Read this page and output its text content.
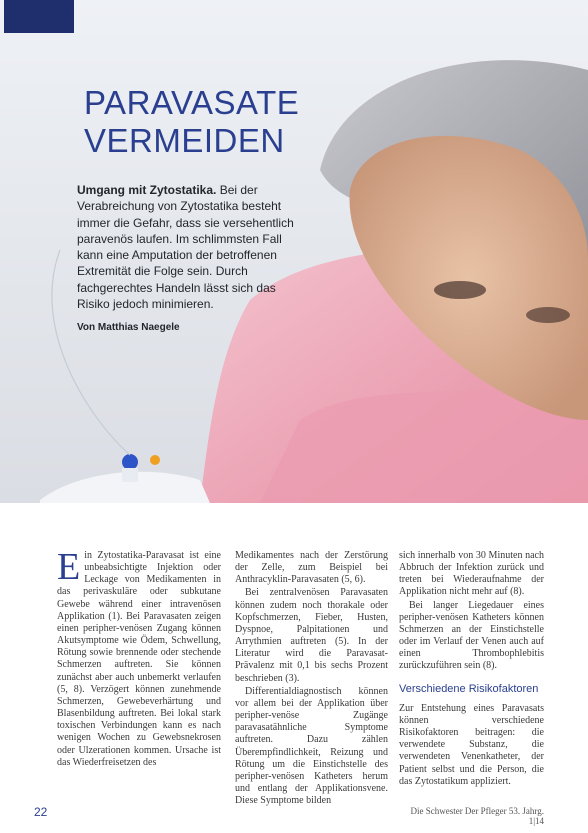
PARAVASATE
VERMEIDEN

Umgang mit Zytostatika. Bei der Verabreichung von Zytostatika besteht immer die Gefahr, dass sie versehentlich paravenös laufen. Im schlimmsten Fall kann eine Amputation der betroffenen Extremität die Folge sein. Durch fachgerechtes Handeln lässt sich das Risiko jedoch minimieren.

Von Matthias Naegele

Ein Zytostatika-Paravasat ist eine unbeabsichtigte Injektion oder Leckage von Medikamenten in das perivaskuläre oder subkutane Gewebe während einer intravenösen Applikation (1). Bei Paravasaten zeigen einen peripher-venösen Zugang können Akutsymptome wie Ödem, Schwellung, Rötung sowie brennende oder stechende Schmerzen auftreten. Sie können zunächst aber auch unbemerkt verlaufen (5, 8). Verzögert können zunehmende Schmerzen, Gewebeverhärtung und Blasenbildung auftreten. Bei lokal stark toxischen Verbindungen kann es nach wenigen Wochen zu Gewebsnekrosen oder Ulzerationen kommen. Ursache ist das Wiederfreisetzen des

Medikamentes nach der Zerstörung der Zelle, zum Beispiel bei Anthracyklin-Paravasaten (5, 6).

Bei zentralvenösen Paravasaten können zudem noch thorakale oder Kopfschmerzen, Fieber, Husten, Dyspnoe, Palpitationen und Arrythmien auftreten (5). In der Literatur wird die Paravasat-Prävalenz mit 0,1 bis sechs Prozent beschrieben (3).

Differentialdiagnostisch können vor allem bei der Applikation über peripher-venöse Zugänge paravasatähnliche Symptome auftreten. Dazu zählen Überempfindlichkeit, Reizung und Rötung um die Einstichstelle des peripher-venösen Katheters herum und entlang der Applikationsvene. Diese Symptome bilden

sich innerhalb von 30 Minuten nach Abbruch der Infektion zurück und treten bei Wiederaufnahme der Applikation nicht mehr auf (8).

Bei langer Liegedauer eines peripher-venösen Katheters können Schmerzen an der Einstichstelle oder im Verlauf der Venen auch auf einen Thrombophlebitis zurückzuführen sein (8).

Verschiedene Risikofaktoren

Zur Entstehung eines Paravasats können verschiedene Risikofaktoren beitragen: die verwendete Substanz, die verwendeten Venenkatheter, der Patient selbst und die Person, die das Zytostatikum appliziert.

22	Die Schwester Der Pfleger 53. Jahrg. 1|14
